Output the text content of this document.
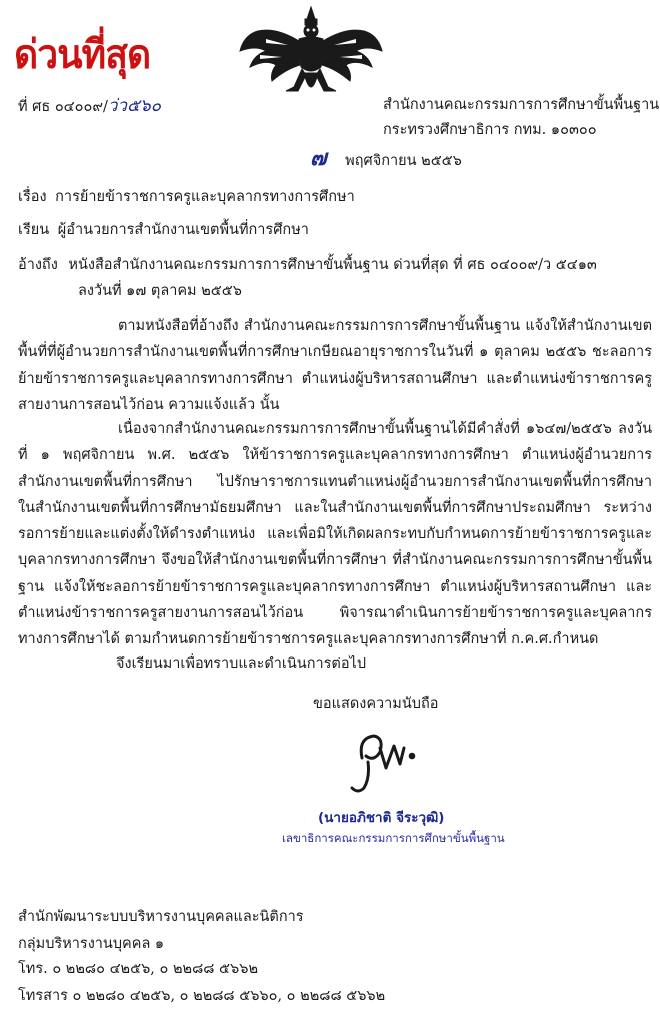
ด่วนที่สุด
ที่ ศธ ๐๔๐๐๙/ว่ว๕๖๐	สำนักงานคณะกรรมการการศึกษาขั้นพื้นฐาน
กระทรวงศึกษาธิการ กทม. ๑๐๓๐๐
๗ พฤศจิกายน ๒๕๕๖
เรื่อง การย้ายข้าราชการครูและบุคลากรทางการศึกษา
เรียน ผู้อำนวยการสำนักงานเขตพื้นที่การศึกษา
อ้างถึง หนังสือสำนักงานคณะกรรมการการศึกษาขั้นพื้นฐาน ด่วนที่สุด ที่ ศธ ๐๔๐๐๙/ว ๕๔๑๓
ลงวันที่ ๑๗ ตุลาคม ๒๕๕๖
ตามหนังสือที่อ้างถึง สำนักงานคณะกรรมการการศึกษาขั้นพื้นฐาน แจ้งให้สำนักงานเขตพื้นที่ที่ผู้อำนวยการสำนักงานเขตพื้นที่การศึกษาเกษียณอายุราชการในวันที่ ๑ ตุลาคม ๒๕๕๖ ชะลอการย้ายข้าราชการครูและบุคลากรทางการศึกษา ตำแหน่งผู้บริหารสถานศึกษา และตำแหน่งข้าราชการครู สายงานการสอนไว้ก่อน ความแจ้งแล้ว นั้น
เนื่องจากสำนักงานคณะกรรมการการศึกษาขั้นพื้นฐานได้มีคำสั่งที่ ๑๖๔๗/๒๕๕๖ ลงวันที่ ๑ พฤศจิกายน พ.ศ. ๒๕๕๖ ให้ข้าราชการครูและบุคลากรทางการศึกษา ตำแหน่งผู้อำนวยการสำนักงานเขตพื้นที่การศึกษา ไปรักษาราชการแทนตำแหน่งผู้อำนวยการสำนักงานเขตพื้นที่การศึกษา ในสำนักงานเขตพื้นที่การศึกษามัธยมศึกษา และในสำนักงานเขตพื้นที่การศึกษาประถมศึกษา ระหว่างรอการย้ายและแต่งตั้งให้ดำรงตำแหน่ง และเพื่อมิให้เกิดผลกระทบกับกำหนดการย้ายข้าราชการครูและบุคลากรทางการศึกษา จึงขอให้สำนักงานเขตพื้นที่การศึกษา ที่สำนักงานคณะกรรมการการศึกษาขั้นพื้นฐาน แจ้งให้ชะลอการย้ายข้าราชการครูและบุคลากรทางการศึกษา ตำแหน่งผู้บริหารสถานศึกษา และตำแหน่งข้าราชการครูสายงานการสอนไว้ก่อน พิจารณาดำเนินการย้ายข้าราชการครูและบุคลากรทางการศึกษาได้ ตามกำหนดการย้ายข้าราชการครูและบุคลากรทางการศึกษาที่ ก.ค.ศ.กำหนด
จึงเรียนมาเพื่อทราบและดำเนินการต่อไป
ขอแสดงความนับถือ
(นายอภิชาติ จีระวุฒิ)
เลขาธิการคณะกรรมการการศึกษาขั้นพื้นฐาน
สำนักพัฒนาระบบบริหารงานบุคคลและนิติการ
กลุ่มบริหารงานบุคคล ๑
โทร. ๐ ๒๒๘๐ ๔๒๕๖, ๐ ๒๒๘๘ ๕๖๖๒
โทรสาร ๐ ๒๒๘๐ ๔๒๕๖, ๐ ๒๒๘๘ ๕๖๖๐, ๐ ๒๒๘๘ ๕๖๖๒
